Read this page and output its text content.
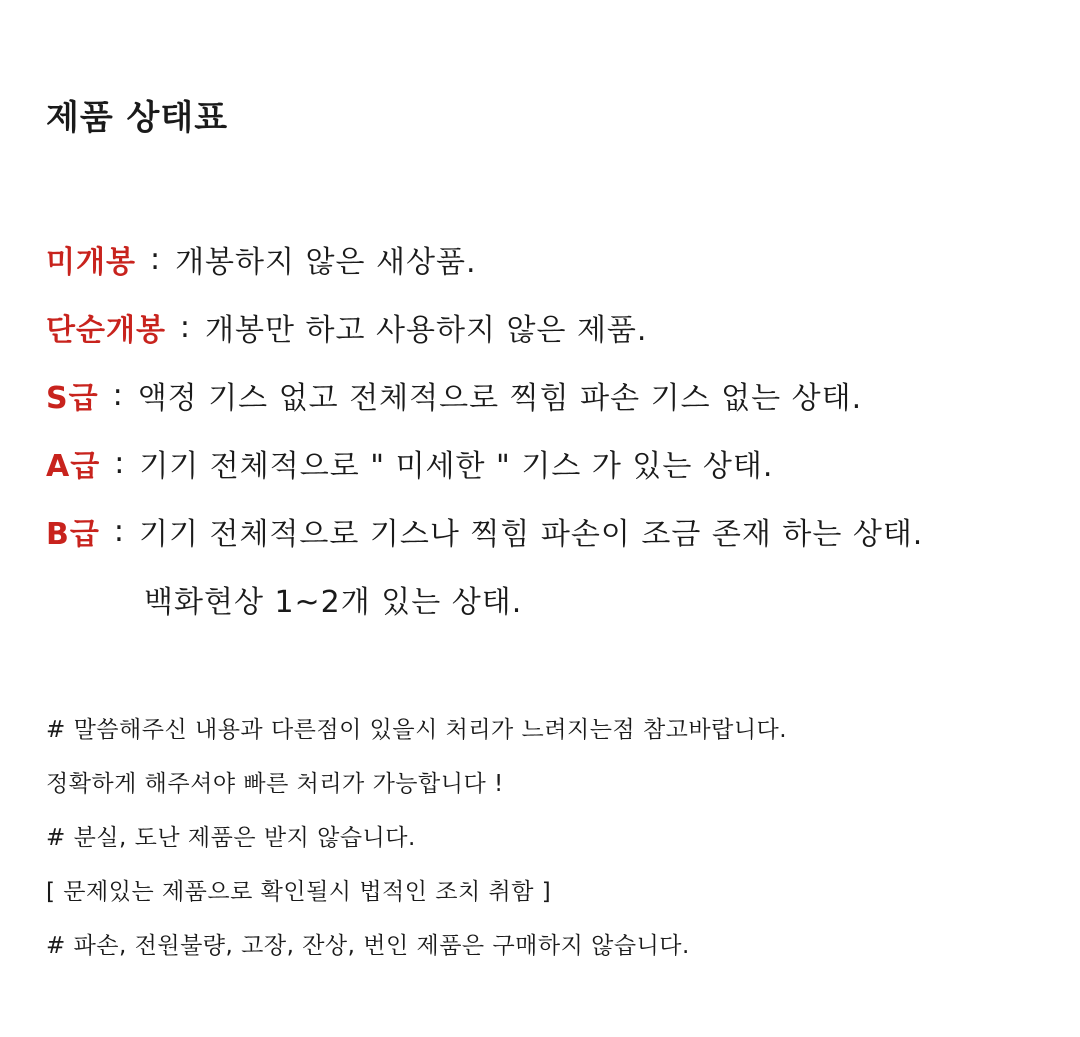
제품 상태표
미개봉 : 개봉하지 않은 새상품.
단순개봉 : 개봉만 하고 사용하지 않은 제품.
S급 : 액정 기스 없고 전체적으로 찍힘 파손 기스 없는 상태.
A급 : 기기 전체적으로 " 미세한 " 기스 가 있는 상태.
B급 : 기기 전체적으로 기스나 찍힘 파손이 조금 존재 하는 상태.
백화현상 1~2개 있는 상태.
# 말씀해주신 내용과 다른점이 있을시 처리가 느려지는점 참고바랍니다.
정확하게 해주셔야 빠른 처리가 가능합니다 !
# 분실, 도난 제품은 받지 않습니다.
[ 문제있는 제품으로 확인될시 법적인 조치 취함 ]
# 파손, 전원불량, 고장, 잔상, 번인 제품은 구매하지 않습니다.
